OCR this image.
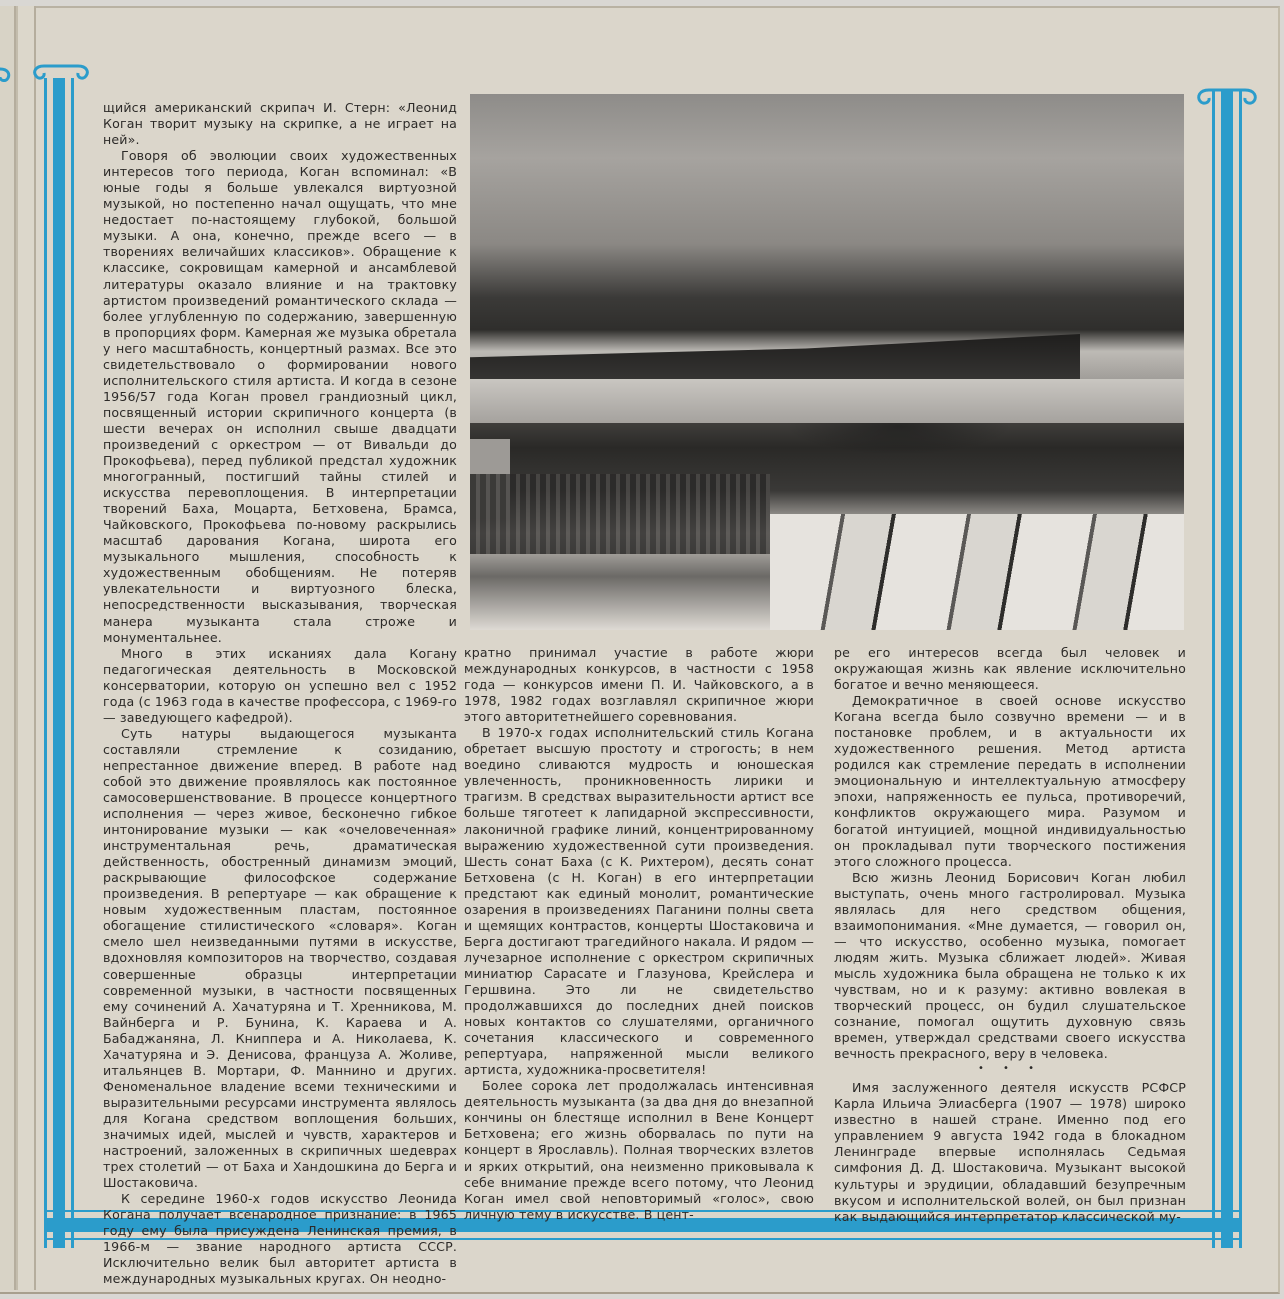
щийся американский скрипач И. Стерн: «Леонид Коган творит музыку на скрипке, а не играет на ней».

Говоря об эволюции своих художественных интересов того периода, Коган вспоминал: «В юные годы я больше увлекался виртуозной музыкой, но постепенно начал ощущать, что мне недостает по-настоящему глубокой, большой музыки. А она, конечно, прежде всего — в творениях величайших классиков». Обращение к классике, сокровищам камерной и ансамблевой литературы оказало влияние и на трактовку артистом произведений романтического склада — более углубленную по содержанию, завершенную в пропорциях форм. Камерная же музыка обретала у него масштабность, концертный размах. Все это свидетельствовало о формировании нового исполнительского стиля артиста. И когда в сезоне 1956/57 года Коган провел грандиозный цикл, посвященный истории скрипичного концерта (в шести вечерах он исполнил свыше двадцати произведений с оркестром — от Вивальди до Прокофьева), перед публикой предстал художник многогранный, постигший тайны стилей и искусства перевоплощения. В интерпретации творений Баха, Моцарта, Бетховена, Брамса, Чайковского, Прокофьева по-новому раскрылись масштаб дарования Когана, широта его музыкального мышления, способность к художественным обобщениям. Не потеряв увлекательности и виртуозного блеска, непосредственности высказывания, творческая манера музыканта стала строже и монументальнее.

Много в этих исканиях дала Когану педагогическая деятельность в Московской консерватории, которую он успешно вел с 1952 года (с 1963 года в качестве профессора, с 1969-го — заведующего кафедрой).

Суть натуры выдающегося музыканта составляли стремление к созиданию, непрестанное движение вперед. В работе над собой это движение проявлялось как постоянное самосовершенствование. В процессе концертного исполнения — через живое, бесконечно гибкое интонирование музыки — как «очеловеченная» инструментальная речь, драматическая действенность, обостренный динамизм эмоций, раскрывающие философское содержание произведения. В репертуаре — как обращение к новым художественным пластам, постоянное обогащение стилистического «словаря». Коган смело шел неизведанными путями в искусстве, вдохновляя композиторов на творчество, создавая совершенные образцы интерпретации современной музыки, в частности посвященных ему сочинений А. Хачатуряна и Т. Хренникова, М. Вайнберга и Р. Бунина, К. Караева и А. Бабаджаняна, Л. Книппера и А. Николаева, К. Хачатуряна и Э. Денисова, француза А. Жоливе, итальянцев В. Мортари, Ф. Маннино и других. Феноменальное владение всеми техническими и выразительными ресурсами инструмента являлось для Когана средством воплощения больших, значимых идей, мыслей и чувств, характеров и настроений, заложенных в скрипичных шедеврах трех столетий — от Баха и Хандошкина до Берга и Шостаковича.

К середине 1960-х годов искусство Леонида Когана получает всенародное признание: в 1965 году ему была присуждена Ленинская премия, в 1966-м — звание народного артиста СССР. Исключительно велик был авторитет артиста в международных музыкальных кругах. Он неодно-

кратно принимал участие в работе жюри международных конкурсов, в частности с 1958 года — конкурсов имени П. И. Чайковского, а в 1978, 1982 годах возглавлял скрипичное жюри этого авторитетнейшего соревнования.

В 1970-х годах исполнительский стиль Когана обретает высшую простоту и строгость; в нем воедино сливаются мудрость и юношеская увлеченность, проникновенность лирики и трагизм. В средствах выразительности артист все больше тяготеет к лапидарной экспрессивности, лаконичной графике линий, концентрированному выражению художественной сути произведения. Шесть сонат Баха (с К. Рихтером), десять сонат Бетховена (с Н. Коган) в его интерпретации предстают как единый монолит, романтические озарения в произведениях Паганини полны света и щемящих контрастов, концерты Шостаковича и Берга достигают трагедийного накала. И рядом — лучезарное исполнение с оркестром скрипичных миниатюр Сарасате и Глазунова, Крейслера и Гершвина. Это ли не свидетельство продолжавшихся до последних дней поисков новых контактов со слушателями, органичного сочетания классического и современного репертуара, напряженной мысли великого артиста, художника-просветителя!

Более сорока лет продолжалась интенсивная деятельность музыканта (за два дня до внезапной кончины он блестяще исполнил в Вене Концерт Бетховена; его жизнь оборвалась по пути на концерт в Ярославль). Полная творческих взлетов и ярких открытий, она неизменно приковывала к себе внимание прежде всего потому, что Леонид Коган имел свой неповторимый «голос», свою личную тему в искусстве. В цент-

ре его интересов всегда был человек и окружающая жизнь как явление исключительно богатое и вечно меняющееся.

Демократичное в своей основе искусство Когана всегда было созвучно времени — и в постановке проблем, и в актуальности их художественного решения. Метод артиста родился как стремление передать в исполнении эмоциональную и интеллектуальную атмосферу эпохи, напряженность ее пульса, противоречий, конфликтов окружающего мира. Разумом и богатой интуицией, мощной индивидуальностью он прокладывал пути творческого постижения этого сложного процесса.

Всю жизнь Леонид Борисович Коган любил выступать, очень много гастролировал. Музыка являлась для него средством общения, взаимопонимания. «Мне думается, — говорил он, — что искусство, особенно музыка, помогает людям жить. Музыка сближает людей». Живая мысль художника была обращена не только к их чувствам, но и к разуму: активно вовлекая в творческий процесс, он будил слушательское сознание, помогал ощутить духовную связь времен, утверждал средствами своего искусства вечность прекрасного, веру в человека.

• • •

Имя заслуженного деятеля искусств РСФСР Карла Ильича Элиасберга (1907 — 1978) широко известно в нашей стране. Именно под его управлением 9 августа 1942 года в блокадном Ленинграде впервые исполнялась Седьмая симфония Д. Д. Шостаковича. Музыкант высокой культуры и эрудиции, обладавший безупречным вкусом и исполнительской волей, он был признан как выдающийся интерпретатор классической му-
